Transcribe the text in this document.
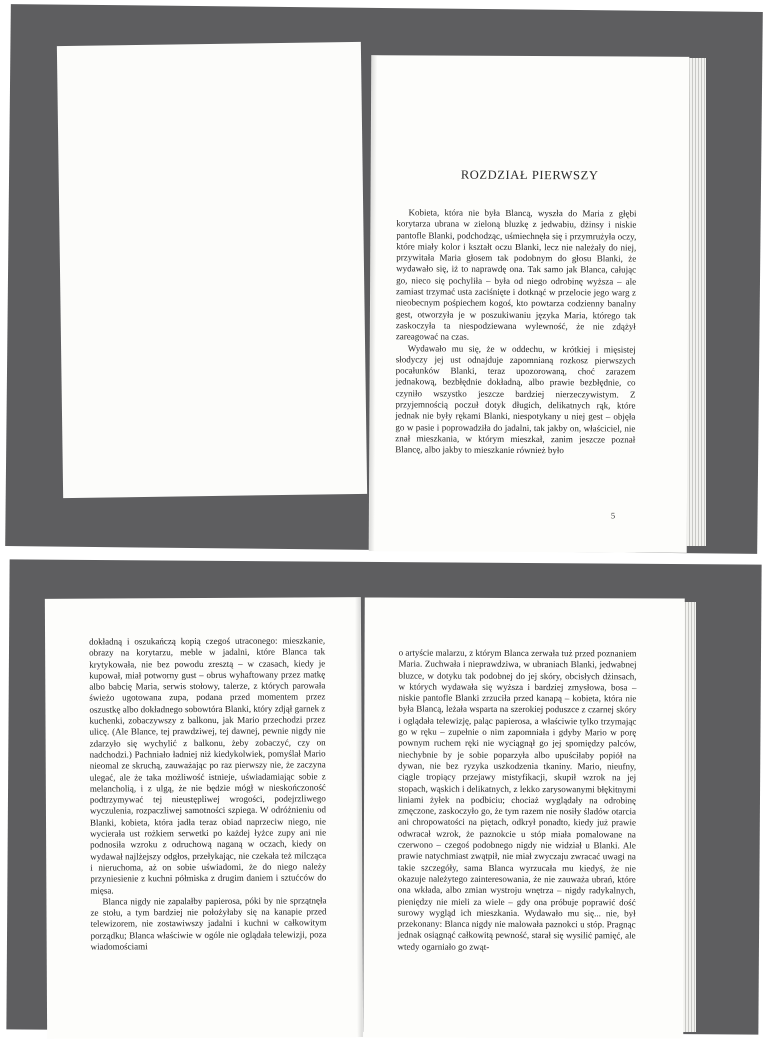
ROZDZIAŁ PIERWSZY

Kobieta, która nie była Blancą, wyszła do Maria z głębi korytarza ubrana w zieloną bluzkę z jedwabiu, dżinsy i niskie pantofle Blanki, podchodząc, uśmiechnęła się i przymrużyła oczy, które miały kolor i kształt oczu Blanki, lecz nie należały do niej, przywitała Maria głosem tak podobnym do głosu Blanki, że wydawało się, iż to naprawdę ona. Tak samo jak Blanca, całując go, nieco się pochyliła – była od niego odrobinę wyższa – ale zamiast trzymać usta zaciśnięte i dotknąć w przelocie jego warg z nieobecnym pośpiechem kogoś, kto powtarza codzienny banalny gest, otworzyła je w poszukiwaniu języka Maria, którego tak zaskoczyła ta niespodziewana wylewność, że nie zdążył zareagować na czas.

Wydawało mu się, że w oddechu, w krótkiej i mięsistej słodyczy jej ust odnajduje zapomnianą rozkosz pierwszych pocałunków Blanki, teraz upozorowaną, choć zarazem jednakową, bezbłędnie dokładną, albo prawie bezbłędnie, co czyniło wszystko jeszcze bardziej nierzeczywistym. Z przyjemnością poczuł dotyk długich, delikatnych rąk, które jednak nie były rękami Blanki, niespotykany u niej gest – objęła go w pasie i poprowadziła do jadalni, tak jakby on, właściciel, nie znał mieszkania, w którym mieszkał, zanim jeszcze poznał Blancę, albo jakby to mieszkanie również było

5

dokładną i oszukańczą kopią czegoś utraconego: mieszkanie, obrazy na korytarzu, meble w jadalni, które Blanca tak krytykowała, nie bez powodu zresztą – w czasach, kiedy je kupował, miał potworny gust – obrus wyhaftowany przez matkę albo babcię Maria, serwis stołowy, talerze, z których parowała świeżo ugotowana zupa, podana przed momentem przez oszustkę albo dokładnego sobowtóra Blanki, który zdjął garnek z kuchenki, zobaczywszy z balkonu, jak Mario przechodzi przez ulicę. (Ale Blance, tej prawdziwej, tej dawnej, pewnie nigdy nie zdarzyło się wychylić z balkonu, żeby zobaczyć, czy on nadchodzi.) Pachniało ładniej niż kiedykolwiek, pomyślał Mario nieomal ze skruchą, zauważając po raz pierwszy nie, że zaczyna ulegać, ale że taka możliwość istnieje, uświadamiając sobie z melancholią, i z ulgą, że nie będzie mógł w nieskończoność podtrzymywać tej nieustępliwej wrogości, podejrzliwego wyczulenia, rozpaczliwej samotności szpiega. W odróżnieniu od Blanki, kobieta, która jadła teraz obiad naprzeciw niego, nie wycierała ust rożkiem serwetki po każdej łyżce zupy ani nie podnosiła wzroku z odruchową naganą w oczach, kiedy on wydawał najlżejszy odgłos, przełykając, nie czekała też milcząca i nieruchoma, aż on sobie uświadomi, że do niego należy przyniesienie z kuchni półmiska z drugim daniem i sztućców do mięsa.

Blanca nigdy nie zapalałby papierosa, póki by nie sprzątnęła ze stołu, a tym bardziej nie położyłaby się na kanapie przed telewizorem, nie zostawiwszy jadalni i kuchni w całkowitym porządku; Blanca właściwie w ogóle nie oglądała telewizji, poza wiadomościami

o artyście malarzu, z którym Blanca zerwała tuż przed poznaniem Maria. Zuchwała i nieprawdziwa, w ubraniach Blanki, jedwabnej bluzce, w dotyku tak podobnej do jej skóry, obcisłych dżinsach, w których wydawała się wyższa i bardziej zmysłowa, bosa – niskie pantofle Blanki zrzuciła przed kanapą – kobieta, która nie była Blancą, leżała wsparta na szerokiej poduszce z czarnej skóry i oglądała telewizję, paląc papierosa, a właściwie tylko trzymając go w ręku – zupełnie o nim zapomniała i gdyby Mario w porę pownym ruchem ręki nie wyciągnął go jej spomiędzy palców, niechybnie by je sobie poparzyła albo upuściłaby popiół na dywan, nie bez ryzyka uszkodzenia tkaniny. Mario, nieufny, ciągle tropiący przejawy mistyfikacji, skupił wzrok na jej stopach, wąskich i delikatnych, z lekko zarysowanymi błękitnymi liniami żyłek na podbiciu; chociaż wyglądały na odrobinę zmęczone, zaskoczyło go, że tym razem nie nosiły śladów otarcia ani chropowatości na piętach, odkrył ponadto, kiedy już prawie odwracał wzrok, że paznokcie u stóp miała pomalowane na czerwono – czegoś podobnego nigdy nie widział u Blanki. Ale prawie natychmiast zwątpił, nie miał zwyczaju zwracać uwagi na takie szczegóły, sama Blanca wyrzucała mu kiedyś, że nie okazuje należytego zainteresowania, że nie zauważa ubrań, które ona wkłada, albo zmian wystroju wnętrza – nigdy radykalnych, pieniędzy nie mieli za wiele – gdy ona próbuje poprawić dość surowy wygląd ich mieszkania. Wydawało mu się... nie, był przekonany: Blanca nigdy nie malowała paznokci u stóp. Pragnąc jednak osiągnąć całkowitą pewność, starał się wysilić pamięć, ale wtedy ogarniało go zwąt-
